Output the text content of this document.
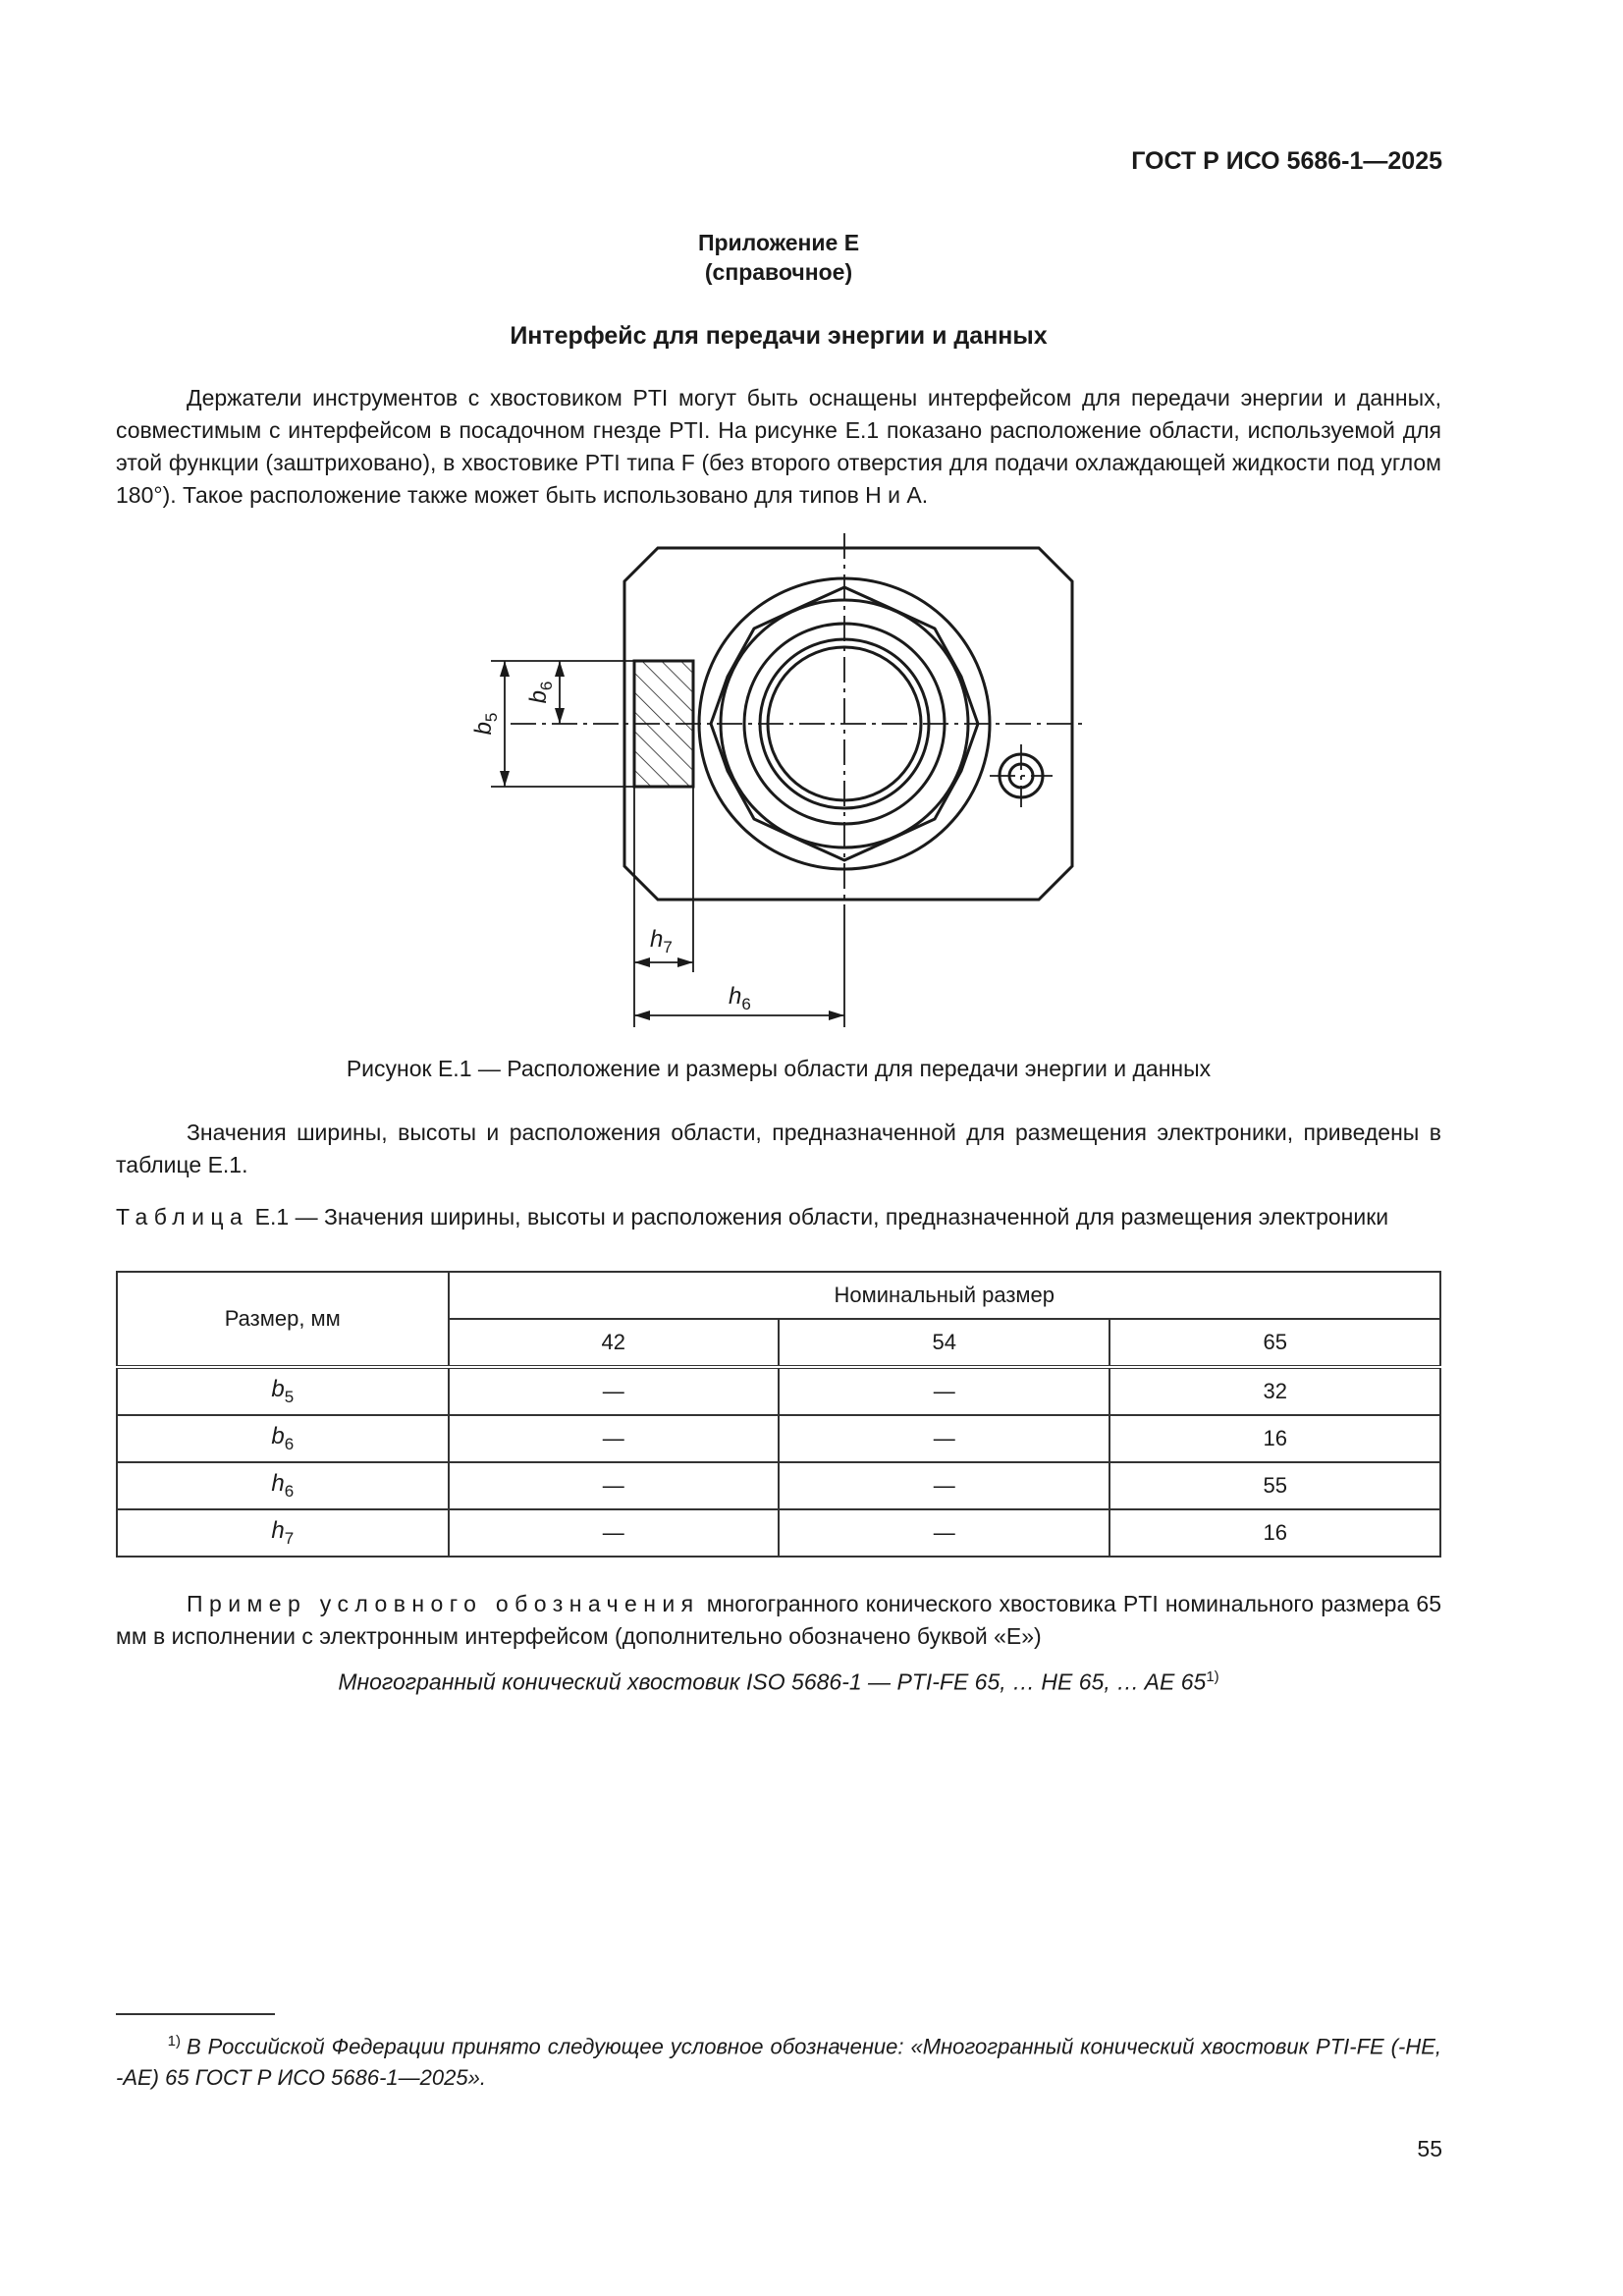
ГОСТ Р ИСО 5686-1—2025
Приложение E
(справочное)
Интерфейс для передачи энергии и данных
Держатели инструментов с хвостовиком PTI могут быть оснащены интерфейсом для передачи энергии и данных, совместимым с интерфейсом в посадочном гнезде PTI. На рисунке E.1 показано расположение области, используемой для этой функции (заштриховано), в хвостовике PTI типа F (без второго отверстия для подачи охлаждающей жидкости под углом 180°). Такое расположение также может быть использовано для типов H и A.
$b_5$
$b_6$
$h_7$
$h_6$
Рисунок E.1 — Расположение и размеры области для передачи энергии и данных
Значения ширины, высоты и расположения области, предназначенной для размещения электроники, приведены в таблице E.1.
Таблица E.1 — Значения ширины, высоты и расположения области, предназначенной для размещения электроники
Размер, мм	Номинальный размер		
	42	54	65
$b_5$	—	—	32
$b_6$	—	—	16
$h_6$	—	—	55
$h_7$	—	—	16
Пример условного обозначения многогранного конического хвостовика PTI номинального размера 65 мм в исполнении с электронным интерфейсом (дополнительно обозначено буквой «E»)
Многогранный конический хвостовик ISO 5686-1 — PTI-FE 65, … HE 65, … AE 65$^{1)}$
$^{1)}$ В Российской Федерации принято следующее условное обозначение: «Многогранный конический хвостовик PTI-FE (-HE, -AE) 65 ГОСТ Р ИСО 5686-1—2025».
55
